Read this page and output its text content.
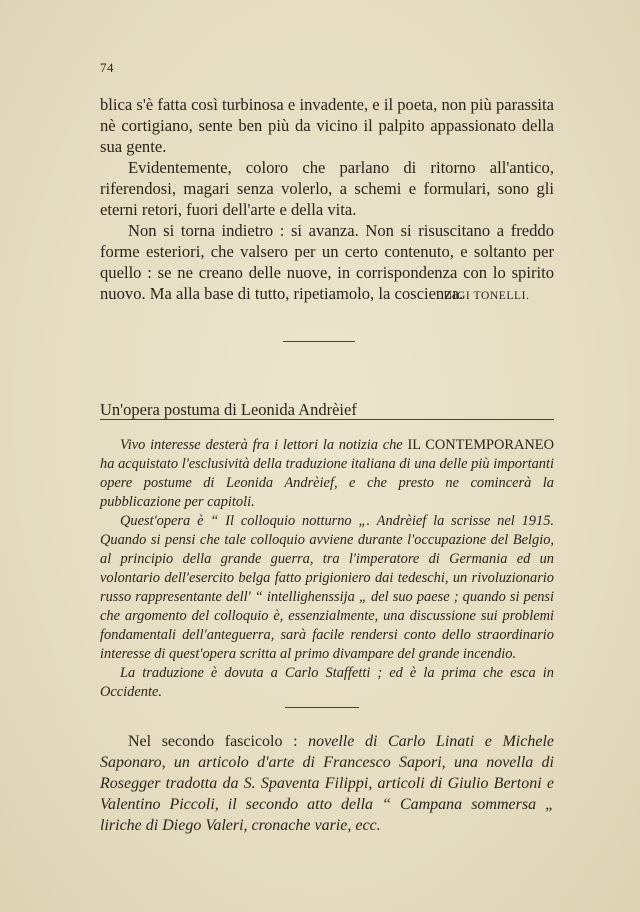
74

blica s'è fatta così turbinosa e invadente, e il poeta, non più parassita nè cortigiano, sente ben più da vicino il palpito appassionato della sua gente.

Evidentemente, coloro che parlano di ritorno all'antico, riferendosi, magari senza volerlo, a schemi e formulari, sono gli eterni retori, fuori dell'arte e della vita.

Non si torna indietro : si avanza. Non si risuscitano a freddo forme esteriori, che valsero per un certo contenuto, e soltanto per quello : se ne creano delle nuove, in corrispondenza con lo spirito nuovo. Ma alla base di tutto, ripetiamolo, la coscienza.

LUIGI TONELLI.
Un'opera postuma di Leonida Andrèief

Vivo interesse desterà fra i lettori la notizia che IL CONTEMPORANEO ha acquistato l'esclusività della traduzione italiana di una delle più importanti opere postume di Leonida Andrèief, e che presto ne comincerà la pubblicazione per capitoli.

Quest'opera è “ Il colloquio notturno „. Andrèief la scrisse nel 1915. Quando si pensi che tale colloquio avviene durante l'occupazione del Belgio, al principio della grande guerra, tra l'imperatore di Germania ed un volontario dell'esercito belga fatto prigioniero dai tedeschi, un rivoluzionario russo rappresentante dell' “ intellighenssija „ del suo paese ; quando si pensi che argomento del colloquio è, essenzialmente, una discussione sui problemi fondamentali dell'anteguerra, sarà facile rendersi conto dello straordinario interesse di quest'opera scritta al primo divampare del grande incendio.

La traduzione è dovuta a Carlo Staffetti ; ed è la prima che esca in Occidente.

Nel secondo fascicolo : novelle di Carlo Linati e Michele Saponaro, un articolo d'arte di Francesco Sapori, una novella di Rosegger tradotta da S. Spaventa Filippi, articoli di Giulio Bertoni e Valentino Piccoli, il secondo atto della “ Campana sommersa „ liriche di Diego Valeri, cronache varie, ecc.
